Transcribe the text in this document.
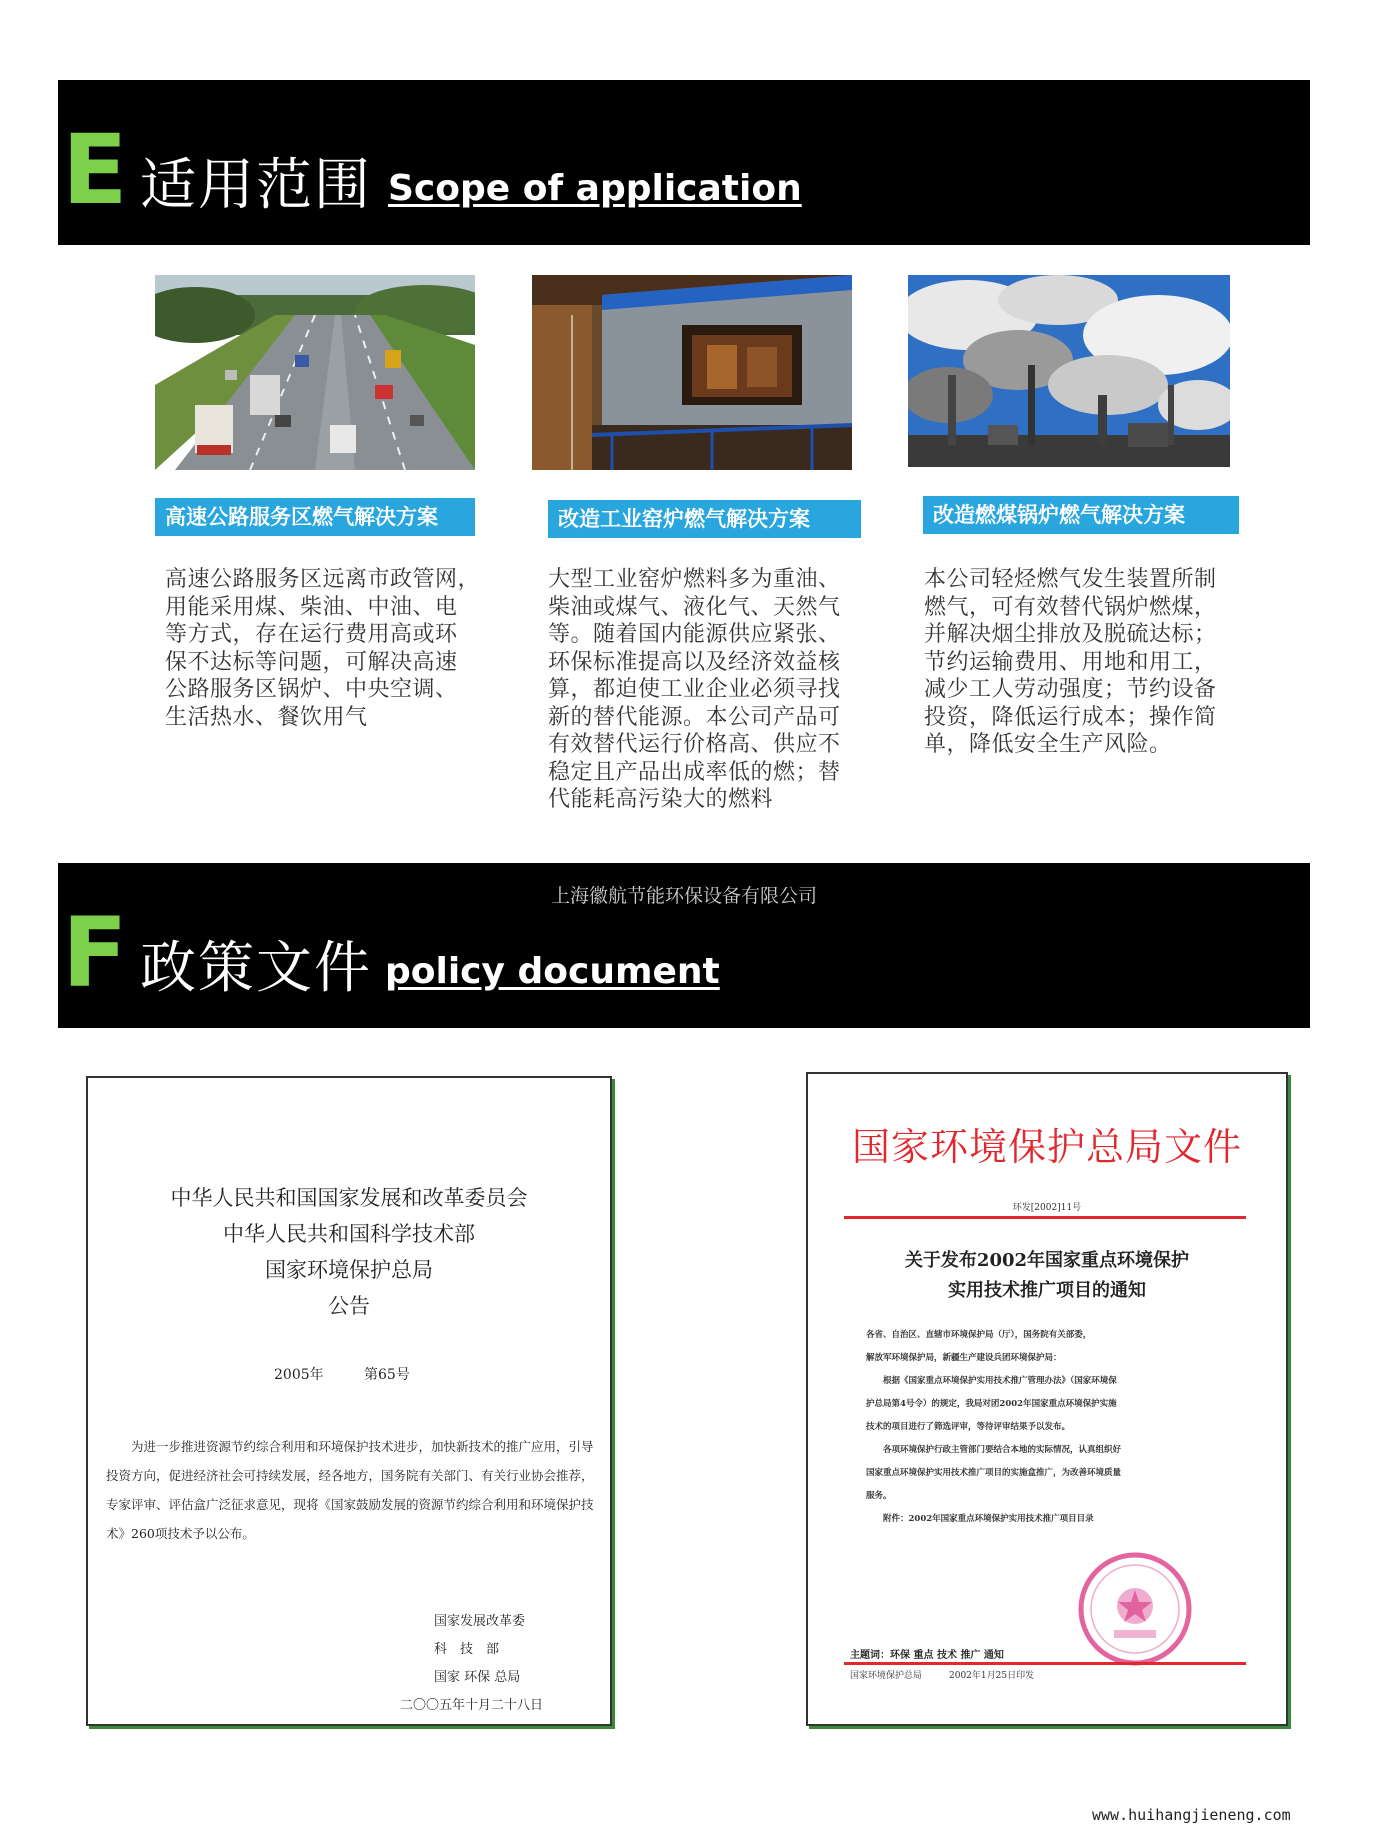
E 适用范围 Scope of application
高速公路服务区燃气解决方案	改造工业窑炉燃气解决方案	改造燃煤锅炉燃气解决方案
高速公路服务区远离市政管网，
用能采用煤、柴油、中油、电
等方式，存在运行费用高或环
保不达标等问题，可解决高速
公路服务区锅炉、中央空调、
生活热水、餐饮用气
大型工业窑炉燃料多为重油、
柴油或煤气、液化气、天然气
等。随着国内能源供应紧张、
环保标准提高以及经济效益核
算，都迫使工业企业必须寻找
新的替代能源。本公司产品可
有效替代运行价格高、供应不
稳定且产品出成率低的燃；替
代能耗高污染大的燃料
本公司轻烃燃气发生装置所制
燃气，可有效替代锅炉燃煤，
并解决烟尘排放及脱硫达标；
节约运输费用、用地和用工，
减少工人劳动强度；节约设备
投资，降低运行成本；操作简
单，降低安全生产风险。
上海徽航节能环保设备有限公司
F 政策文件 policy document
中华人民共和国国家发展和改革委员会
中华人民共和国科学技术部
国家环境保护总局
公告
2005年	第65号
为进一步推进资源节约综合利用和环境保护技术进步，加快新技术的推广应用，引导投资方向，促进经济社会可持续发展，经各地方，国务院有关部门、有关行业协会推荐，专家评审、评估盒广泛征求意见，现将《国家鼓励发展的资源节约综合利用和环境保护技术》260项技术予以公布。
国家发展改革委
科　技　部
国家 环保 总局
二〇〇五年十月二十八日
国家环境保护总局文件
环发[2002]11号
关于发布2002年国家重点环境保护
实用技术推广项目的通知

各省、自治区、直辖市环境保护局（厅），国务院有关部委，

解放军环境保护局，新疆生产建设兵团环境保护局：

　　根据《国家重点环境保护实用技术推广管理办法》（国家环境保

护总局第4号令）的规定，我局对团2002年国家重点环境保护实施

技术的项目进行了筛选评审，等待评审结果予以发布。

　　各项环境保护行政主管部门要结合本地的实际情况，认真组织好

国家重点环境保护实用技术推广项目的实施盒推广，为改善环境质量

服务。

　　附件：2002年国家重点环境保护实用技术推广项目目录

主题词：环保 重点 技术 推广 通知
国家环境保护总局　　　2002年1月25日印发
www.huihangjieneng.com
